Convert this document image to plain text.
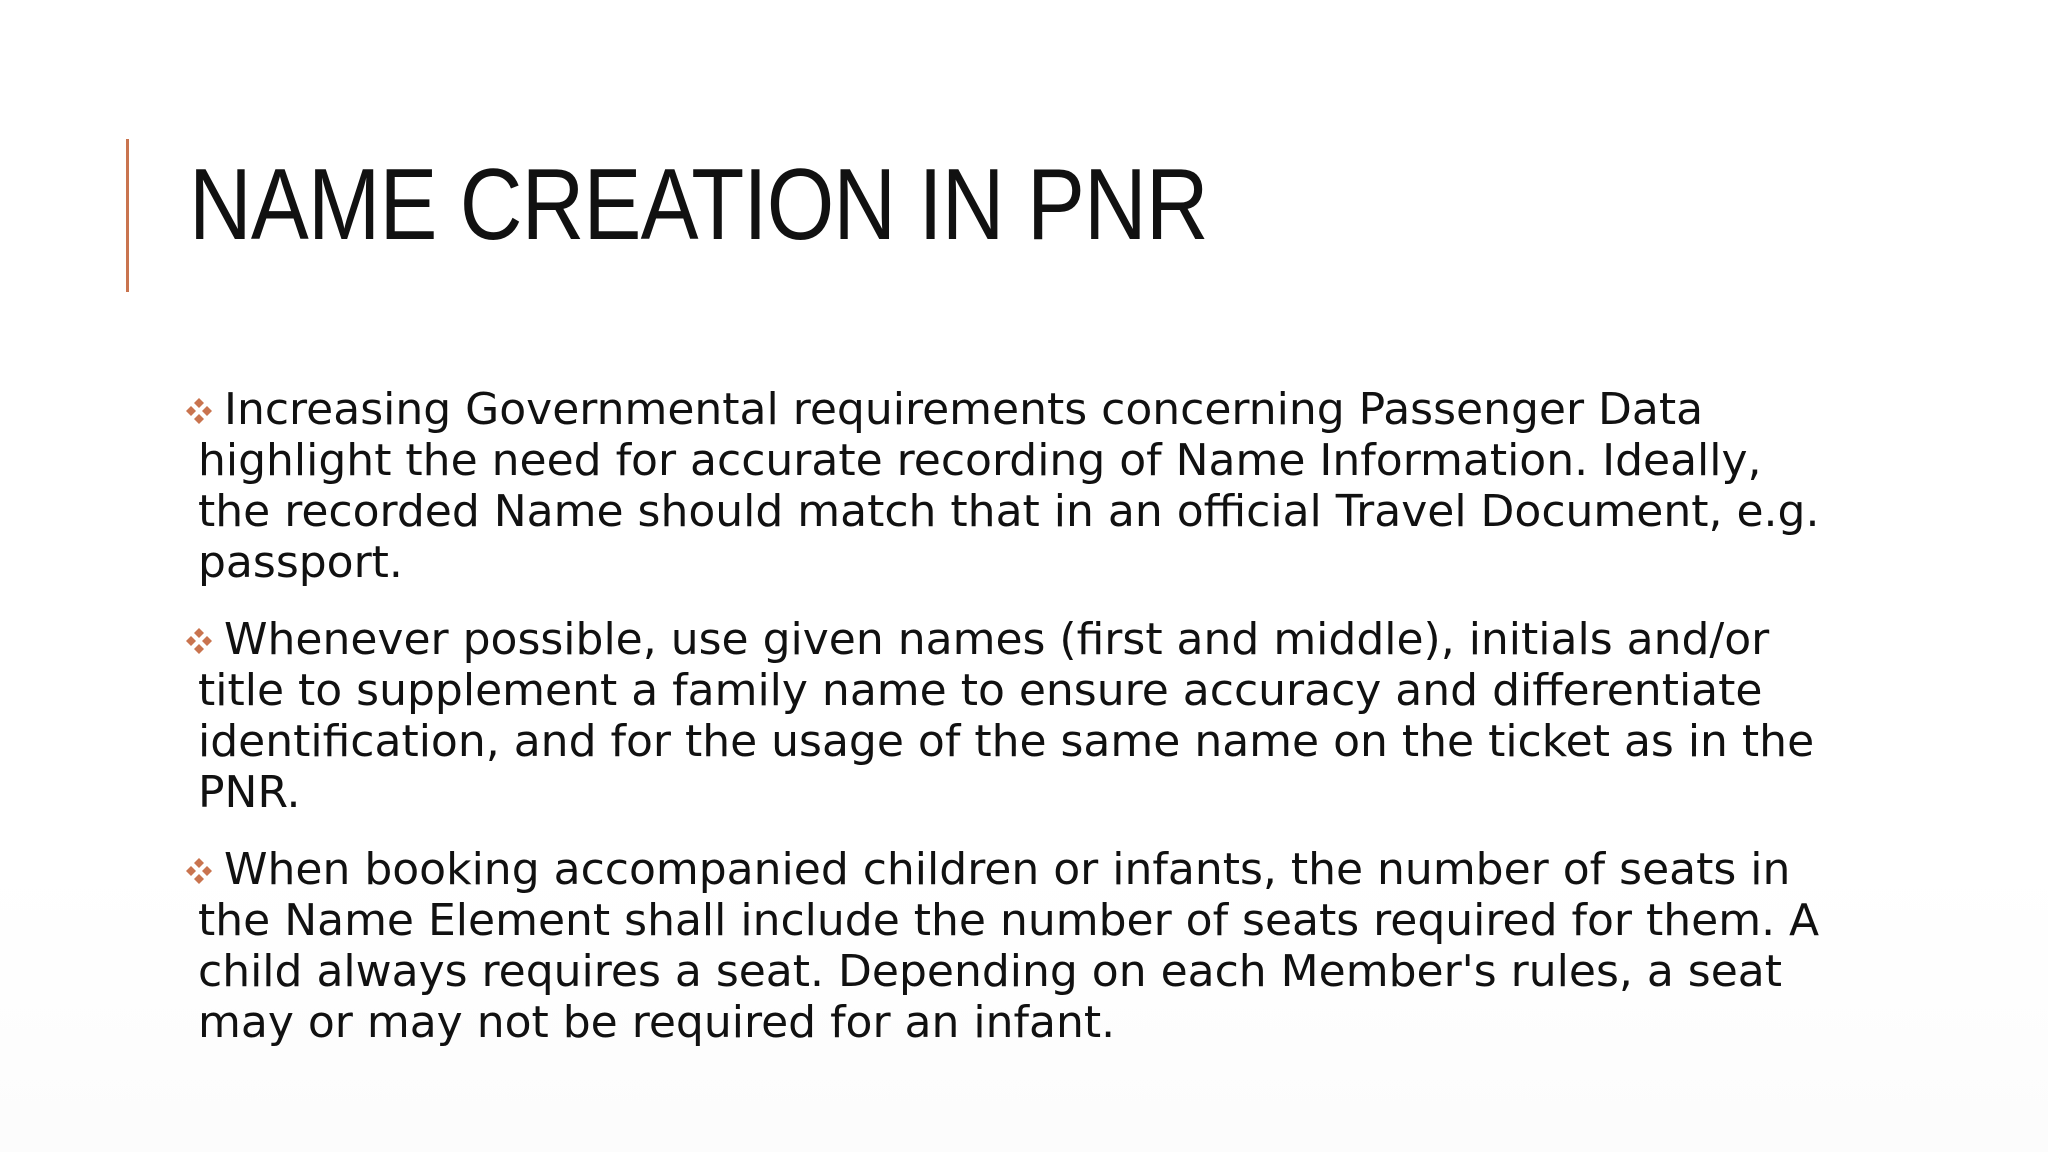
NAME CREATION IN PNR
Increasing Governmental requirements concerning Passenger Data highlight the need for accurate recording of Name Information. Ideally, the recorded Name should match that in an official Travel Document, e.g. passport.
Whenever possible, use given names (first and middle), initials and/or title to supplement a family name to ensure accuracy and differentiate identification, and for the usage of the same name on the ticket as in the PNR.
When booking accompanied children or infants, the number of seats in the Name Element shall include the number of seats required for them. A child always requires a seat. Depending on each Member's rules, a seat may or may not be required for an infant.
